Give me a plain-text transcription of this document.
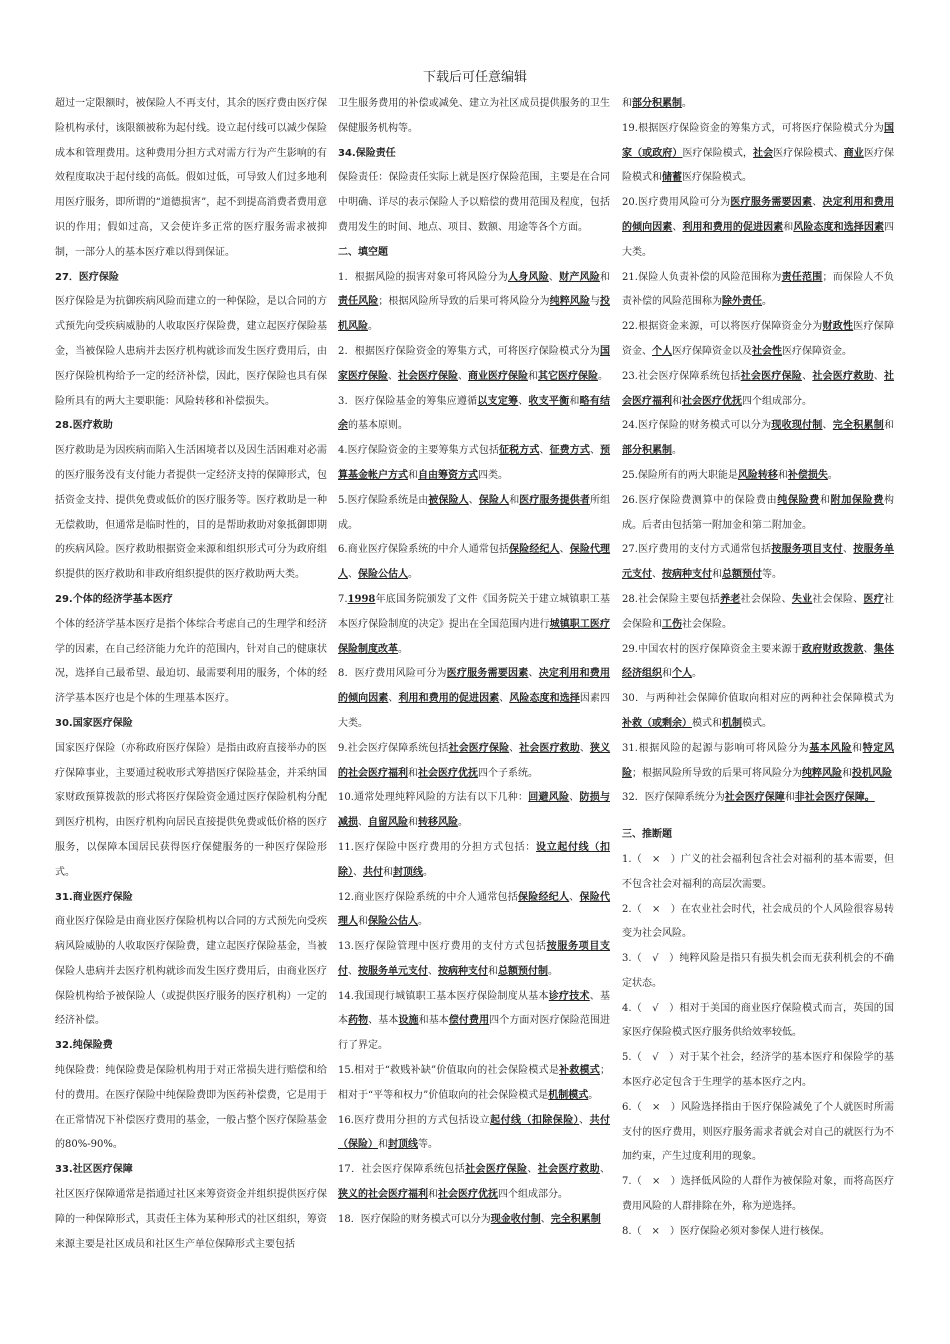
下载后可任意编辑
超过一定限额时，被保险人不再支付，其余的医疗费由医疗保险机构承付，该限额被称为起付线。设立起付线可以减少保险成本和管理费用。这种费用分担方式对需方行为产生影响的有效程度取决于起付线的高低。假如过低，可导致人们过多地利用医疗服务，即所谓的“道德损害”，起不到提高消费者费用意识的作用；假如过高，又会使许多正常的医疗服务需求被抑制，一部分人的基本医疗难以得到保证。
27．医疗保险
医疗保险是为抗御疾病风险而建立的一种保险，是以合同的方式预先向受疾病威胁的人收取医疗保险费，建立起医疗保险基金，当被保险人患病并去医疗机构就诊而发生医疗费用后，由医疗保险机构给予一定的经济补偿，因此，医疗保险也具有保险所具有的两大主要职能：风险转移和补偿损失。
28.医疗救助
医疗救助是为因疾病而陷入生活困境者以及因生活困难对必需的医疗服务没有支付能力者提供一定经济支持的保障形式，包括资金支持、提供免费或低价的医疗服务等。医疗救助是一种无偿救助，但通常是临时性的，目的是帮助救助对象抵御即期的疾病风险。医疗救助根据资金来源和组织形式可分为政府组织提供的医疗救助和非政府组织提供的医疗救助两大类。
29.个体的经济学基本医疗
个体的经济学基本医疗是指个体综合考虑自己的生理学和经济学的因素，在自己经济能力允许的范围内，针对自己的健康状况，选择自己最希望、最迫切、最需要利用的服务，个体的经济学基本医疗也是个体的生理基本医疗。
30.国家医疗保险
国家医疗保险（亦称政府医疗保险）是指由政府直接举办的医疗保障事业，主要通过税收形式筹措医疗保险基金，并采纳国家财政预算拨款的形式将医疗保险资金通过医疗保险机构分配到医疗机构，由医疗机构向居民直接提供免费或低价格的医疗服务，以保障本国居民获得医疗保健服务的一种医疗保险形式。
31.商业医疗保险
商业医疗保险是由商业医疗保险机构以合同的方式预先向受疾病风险威胁的人收取医疗保险费，建立起医疗保险基金，当被保险人患病并去医疗机构就诊而发生医疗费用后，由商业医疗保险机构给予被保险人（或提供医疗服务的医疗机构）一定的经济补偿。
32.纯保险费
纯保险费：纯保险费是保险机构用于对正常损失进行赔偿和给付的费用。在医疗保险中纯保险费即为医药补偿费，它是用于在正常情况下补偿医疗费用的基金，一般占整个医疗保险基金的80%-90%。
33.社区医疗保障
社区医疗保障通常是指通过社区来筹资资金并组织提供医疗保障的一种保障形式，其责任主体为某种形式的社区组织，筹资来源主要是社区成员和社区生产单位保障形式主要包括
卫生服务费用的补偿或减免、建立为社区成员提供服务的卫生保健服务机构等。
34.保险责任
保险责任：保险责任实际上就是医疗保险范围，主要是在合同中明确、详尽的表示保险人予以赔偿的费用范围及程度，包括费用发生的时间、地点、项目、数额、用途等各个方面。
二、填空题
1．根据风险的损害对象可将风险分为人身风险、财产风险和责任风险；根据风险所导致的后果可将风险分为纯粹风险与投机风险。
2．根据医疗保险资金的筹集方式，可将医疗保险模式分为国家医疗保险、社会医疗保险、商业医疗保险和其它医疗保险。
3．医疗保险基金的筹集应遵循以支定筹、收支平衡和略有结余的基本原则。
4.医疗保险资金的主要筹集方式包括征税方式、征费方式、预算基金帐户方式和自由筹资方式四类。
5.医疗保险系统是由被保险人、保险人和医疗服务提供者所组成。
6.商业医疗保险系统的中介人通常包括保险经纪人、保险代理人、保险公估人。
7.1998年底国务院颁发了文件《国务院关于建立城镇职工基本医疗保险制度的决定》提出在全国范围内进行城镇职工医疗保险制度改革。
8．医疗费用风险可分为医疗服务需要因素、决定利用和费用的倾向因素、利用和费用的促进因素、风险态度和选择因素四大类。
9.社会医疗保障系统包括社会医疗保险、社会医疗救助、狭义的社会医疗福利和社会医疗优抚四个子系统。
10.通常处理纯粹风险的方法有以下几种：回避风险、防损与减损、自留风险和转移风险。
11.医疗保险中医疗费用的分担方式包括：设立起付线（扣除）、共付和封顶线。
12.商业医疗保险系统的中介人通常包括保险经纪人、保险代理人和保险公估人。
13.医疗保险管理中医疗费用的支付方式包括按服务项目支付、按服务单元支付、按病种支付和总额预付制。
14.我国现行城镇职工基本医疗保险制度从基本诊疗技术、基本药物、基本设施和基本偿付费用四个方面对医疗保险范围进行了界定。
15.相对于“救贱补缺”价值取向的社会保险模式是补救模式；相对于“平等和权力”价值取向的社会保险模式是机制模式。
16.医疗费用分担的方式包括设立起付线（扣除保险）、共付（保险）和封顶线等。
17．社会医疗保障系统包括社会医疗保险、社会医疗救助、狭义的社会医疗福利和社会医疗优抚四个组成部分。
18．医疗保险的财务模式可以分为现金收付制、完全积累制
和部分积累制。
19.根据医疗保险资金的筹集方式，可将医疗保险模式分为国家（或政府）医疗保险模式，社会医疗保险模式、商业医疗保险模式和储蓄医疗保险模式。
20.医疗费用风险可分为医疗服务需要因素、决定利用和费用的倾向因素、利用和费用的促进因素和风险态度和选择因素四大类。
21.保险人负责补偿的风险范围称为责任范围；而保险人不负责补偿的风险范围称为除外责任。
22.根据资金来源，可以将医疗保障资金分为财政性医疗保障资金、个人医疗保障资金以及社会性医疗保障资金。
23.社会医疗保障系统包括社会医疗保险、社会医疗救助、社会医疗福利和社会医疗优抚四个组成部分。
24.医疗保险的财务模式可以分为现收现付制、完全积累制和部分积累制。
25.保险所有的两大职能是风险转移和补偿损失。
26.医疗保险费测算中的保险费由纯保险费和附加保险费构成。后者由包括第一附加金和第二附加金。
27.医疗费用的支付方式通常包括按服务项目支付、按服务单元支付、按病种支付和总额预付等。
28.社会保险主要包括养老社会保险、失业社会保险、医疗社会保险和工伤社会保险。
29.中国农村的医疗保障资金主要来源于政府财政拨款、集体经济组织和个人。
30．与两种社会保障价值取向相对应的两种社会保障模式为补救（或剩余）模式和机制模式。
31.根据风险的起源与影响可将风险分为基本风险和特定风险；根据风险所导致的后果可将风险分为纯粹风险和投机风险
32．医疗保障系统分为社会医疗保障和非社会医疗保障。
三、推断题
1.（　×　）广义的社会福利包含社会对福利的基本需要，但不包含社会对福利的高层次需要。
2.（　×　）在农业社会时代，社会成员的个人风险很容易转变为社会风险。
3.（　√　）纯粹风险是指只有损失机会而无获利机会的不确定状态。
4.（　√　）相对于美国的商业医疗保险模式而言，英国的国家医疗保险模式医疗服务供给效率较低。
5.（　√　）对于某个社会，经济学的基本医疗和保险学的基本医疗必定包含于生理学的基本医疗之内。
6.（　×　）风险选择指由于医疗保险减免了个人就医时所需支付的医疗费用，则医疗服务需求者就会对自己的就医行为不加约束，产生过度利用的现象。
7.（　×　）选择低风险的人群作为被保险对象，而将高医疗费用风险的人群排除在外，称为逆选择。
8.（　×　）医疗保险必须对参保人进行核保。
